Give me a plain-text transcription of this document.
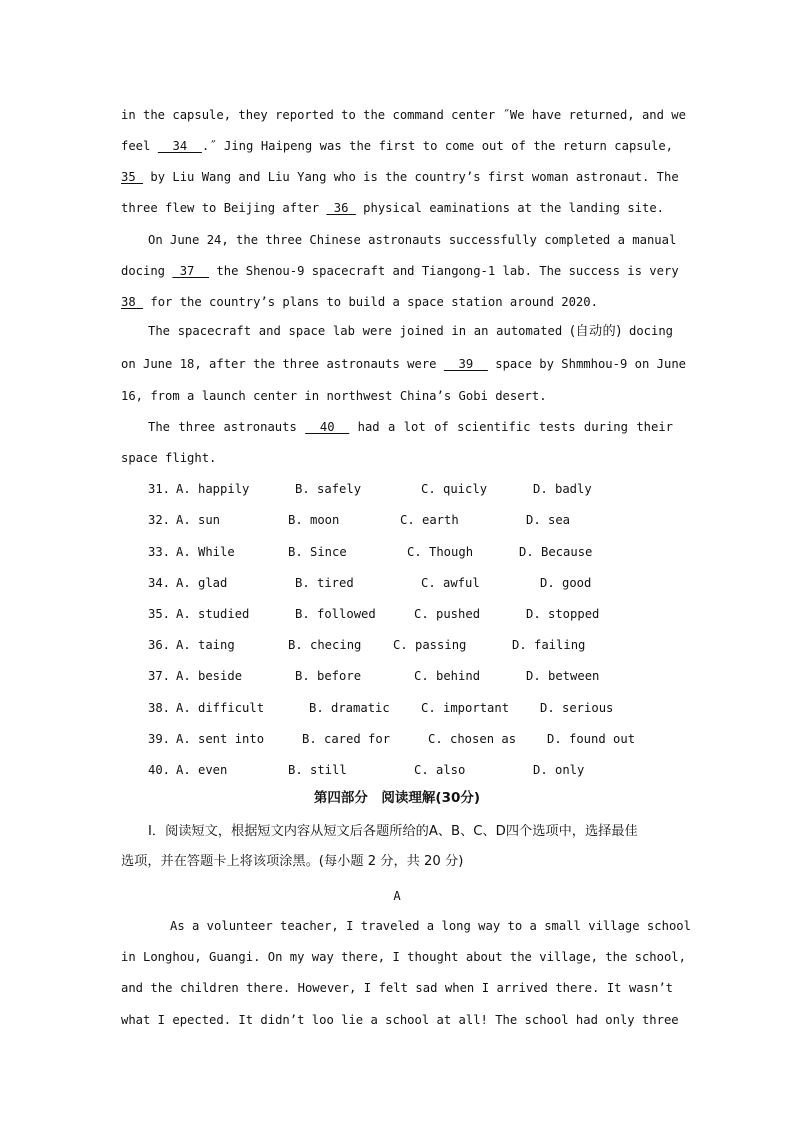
in the capsule, they reported to the command center ˝We have returned, and we
feel   34  .˝ Jing Haipeng was the first to come out of the return capsule,
35  by Liu Wang and Liu Yang who is the country’s first woman astronaut. The
three flew to Beijing after  36  physical eaminations at the landing site.
On June 24, the three Chinese astronauts successfully completed a manual
docing  37   the Shenou-9 spacecraft and Tiangong-1 lab. The success is very
38  for the country’s plans to build a space station around 2020.
The spacecraft and space lab were joined in an automated (自动的) docing
on June 18, after the three astronauts were   39   space by Shmmhou-9 on June
16, from a launch center in northwest China’s Gobi desert.
The three astronauts   40   had a lot of scientific tests during their
space flight.
31. A. happily	B. safely	C. quicly	D. badly
32. A. sun	B. moon	C. earth	D. sea
33. A. While	B. Since	C. Though	D. Because
34. A. glad	B. tired	C. awful	D. good
35. A. studied	B. followed	C. pushed	D. stopped
36. A. taing	B. checing	C. passing	D. failing
37. A. beside	B. before	C. behind	D. between
38. A. difficult	B. dramatic	C. important	D. serious
39. A. sent into	B. cared for	C. chosen as	D. found out
40. A. even	B. still	C. also	D. only
第四部分　阅读理解(30分)
I．阅读短文，根据短文内容从短文后各题所给的A、B、C、D四个选项中，选择最佳
选项，并在答题卡上将该项涂黑。(每小题 2 分，共 20 分)
A
As a volunteer teacher, I traveled a long way to a small village school
in Longhou, Guangi. On my way there, I thought about the village, the school,
and the children there. However, I felt sad when I arrived there. It wasn’t
what I epected. It didn’t loo lie a school at all! The school had only three
